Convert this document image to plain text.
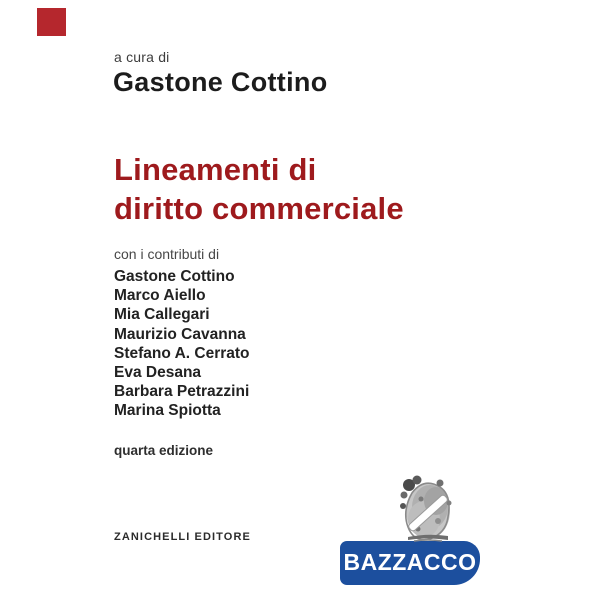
a cura di
Gastone Cottino
Lineamenti di
diritto commerciale
con i contributi di
Gastone Cottino
Marco Aiello
Mia Callegari
Maurizio Cavanna
Stefano A. Cerrato
Eva Desana
Barbara Petrazzini
Marina Spiotta
quarta edizione
ZANICHELLI EDITORE
BAZZACCO
